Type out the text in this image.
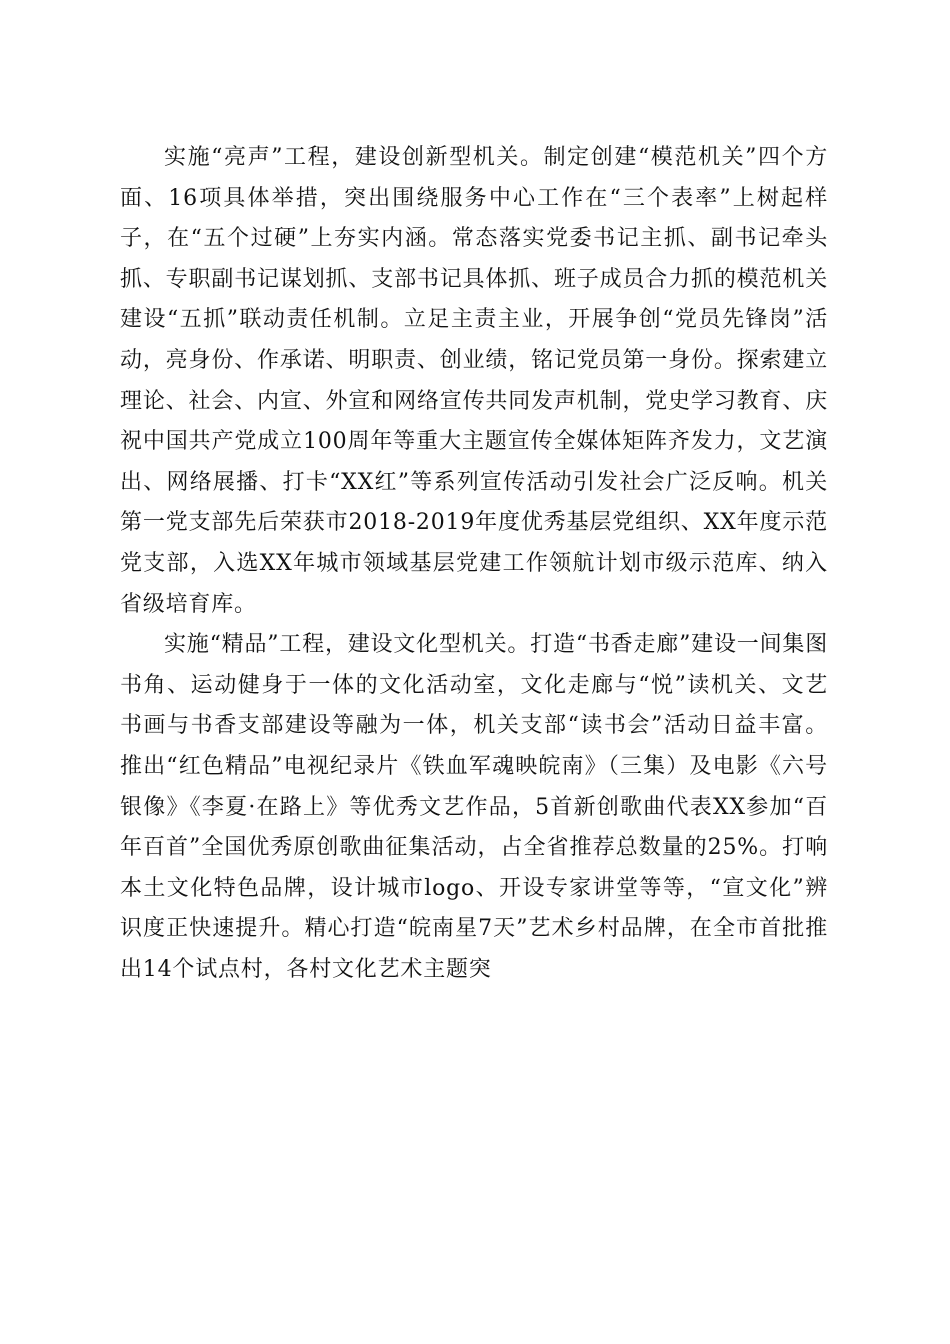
实施“亮声”工程，建设创新型机关。制定创建“模范机关”四个方面、16项具体举措，突出围绕服务中心工作在“三个表率”上树起样子，在“五个过硬”上夯实内涵。常态落实党委书记主抓、副书记牵头抓、专职副书记谋划抓、支部书记具体抓、班子成员合力抓的模范机关建设“五抓”联动责任机制。立足主责主业，开展争创“党员先锋岗”活动，亮身份、作承诺、明职责、创业绩，铭记党员第一身份。探索建立理论、社会、内宣、外宣和网络宣传共同发声机制，党史学习教育、庆祝中国共产党成立100周年等重大主题宣传全媒体矩阵齐发力，文艺演出、网络展播、打卡“XX红”等系列宣传活动引发社会广泛反响。机关第一党支部先后荣获市2018-2019年度优秀基层党组织、XX年度示范党支部，入选XX年城市领域基层党建工作领航计划市级示范库、纳入省级培育库。

实施“精品”工程，建设文化型机关。打造“书香走廊”建设一间集图书角、运动健身于一体的文化活动室，文化走廊与“悦”读机关、文艺书画与书香支部建设等融为一体，机关支部“读书会”活动日益丰富。推出“红色精品”电视纪录片《铁血军魂映皖南》（三集）及电影《六号银像》《李夏·在路上》等优秀文艺作品，5首新创歌曲代表XX参加“百年百首”全国优秀原创歌曲征集活动，占全省推荐总数量的25%。打响本土文化特色品牌，设计城市logo、开设专家讲堂等等，“宣文化”辨识度正快速提升。精心打造“皖南星7天”艺术乡村品牌，在全市首批推出14个试点村，各村文化艺术主题突
